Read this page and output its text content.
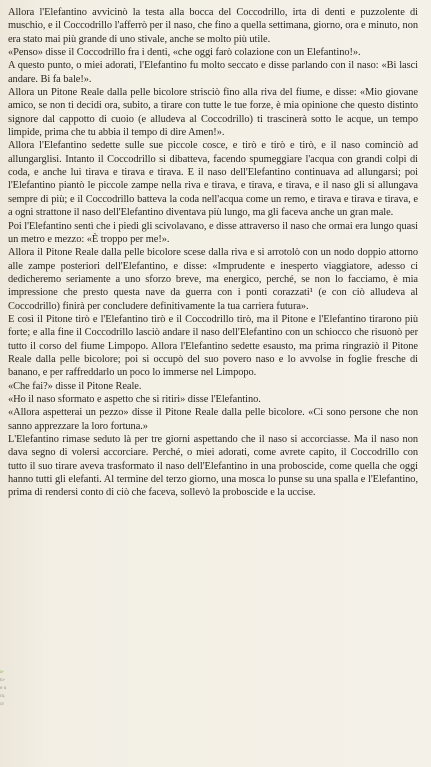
Allora l'Elefantino avvicinò la testa alla bocca del Coccodrillo, irta di denti e puzzolente di muschio, e il Coccodrillo l'afferrò per il naso, che fino a quella settimana, giorno, ora e minuto, non era stato mai più grande di uno stivale, anche se molto più utile.

«Penso» disse il Coccodrillo fra i denti, «che oggi farò colazione con un Elefantino!».

A questo punto, o miei adorati, l'Elefantino fu molto seccato e disse parlando con il naso: «Bi lasci andare. Bi fa bale!».

Allora un Pitone Reale dalla pelle bicolore strisciò fino alla riva del fiume, e disse: «Mio giovane amico, se non ti decidi ora, subito, a tirare con tutte le tue forze, è mia opinione che questo distinto signore dal cappotto di cuoio (e alludeva al Coccodrillo) ti trascinerà sotto le acque, un tempo limpide, prima che tu abbia il tempo di dire Amen!».

Allora l'Elefantino sedette sulle sue piccole cosce, e tirò e tirò e tirò, e il naso cominciò ad allungarglisi. Intanto il Coccodrillo si dibatteva, facendo spumeggiare l'acqua con grandi colpi di coda, e anche lui tirava e tirava e tirava. E il naso dell'Elefantino continuava ad allungarsi; poi l'Elefantino piantò le piccole zampe nella riva e tirava, e tirava, e tirava, e il naso gli si allungava sempre di più; e il Coccodrillo batteva la coda nell'acqua come un remo, e tirava e tirava e tirava, e a ogni strattone il naso dell'Elefantino diventava più lungo, ma gli faceva anche un gran male.

Poi l'Elefantino sentì che i piedi gli scivolavano, e disse attraverso il naso che ormai era lungo quasi un metro e mezzo: «È troppo per me!».

Allora il Pitone Reale dalla pelle bicolore scese dalla riva e si arrotolò con un nodo doppio attorno alle zampe posteriori dell'Elefantino, e disse: «Imprudente e inesperto viaggiatore, adesso ci dedicheremo seriamente a uno sforzo breve, ma energico, perché, se non lo facciamo, è mia impressione che presto questa nave da guerra con i ponti corazzati¹ (e con ciò alludeva al Coccodrillo) finirà per concludere definitivamente la tua carriera futura».

E così il Pitone tirò e l'Elefantino tirò e il Coccodrillo tirò, ma il Pitone e l'Elefantino tirarono più forte; e alla fine il Coccodrillo lasciò andare il naso dell'Elefantino con un schiocco che risuonò per tutto il corso del fiume Limpopo. Allora l'Elefantino sedette esausto, ma prima ringraziò il Pitone Reale dalla pelle bicolore; poi si occupò del suo povero naso e lo avvolse in foglie fresche di banano, e per raffreddarlo un poco lo immerse nel Limpopo.

«Che fai?» disse il Pitone Reale.

«Ho il naso sformato e aspetto che si ritiri» disse l'Elefantino.

«Allora aspetterai un pezzo» disse il Pitone Reale dalla pelle bicolore. «Ci sono persone che non sanno apprezzare la loro fortuna.»

L'Elefantino rimase seduto là per tre giorni aspettando che il naso si accorciasse. Ma il naso non dava segno di volersi accorciare. Perché, o miei adorati, come avrete capito, il Coccodrillo con tutto il suo tirare aveva trasformato il naso dell'Elefantino in una proboscide, come quella che oggi hanno tutti gli elefanti. Al termine del terzo giorno, una mosca lo punse su una spalla e l'Elefantino, prima di rendersi conto di ciò che faceva, sollevò la proboscide e la uccise.

o-
to-
e a
ra,
or
